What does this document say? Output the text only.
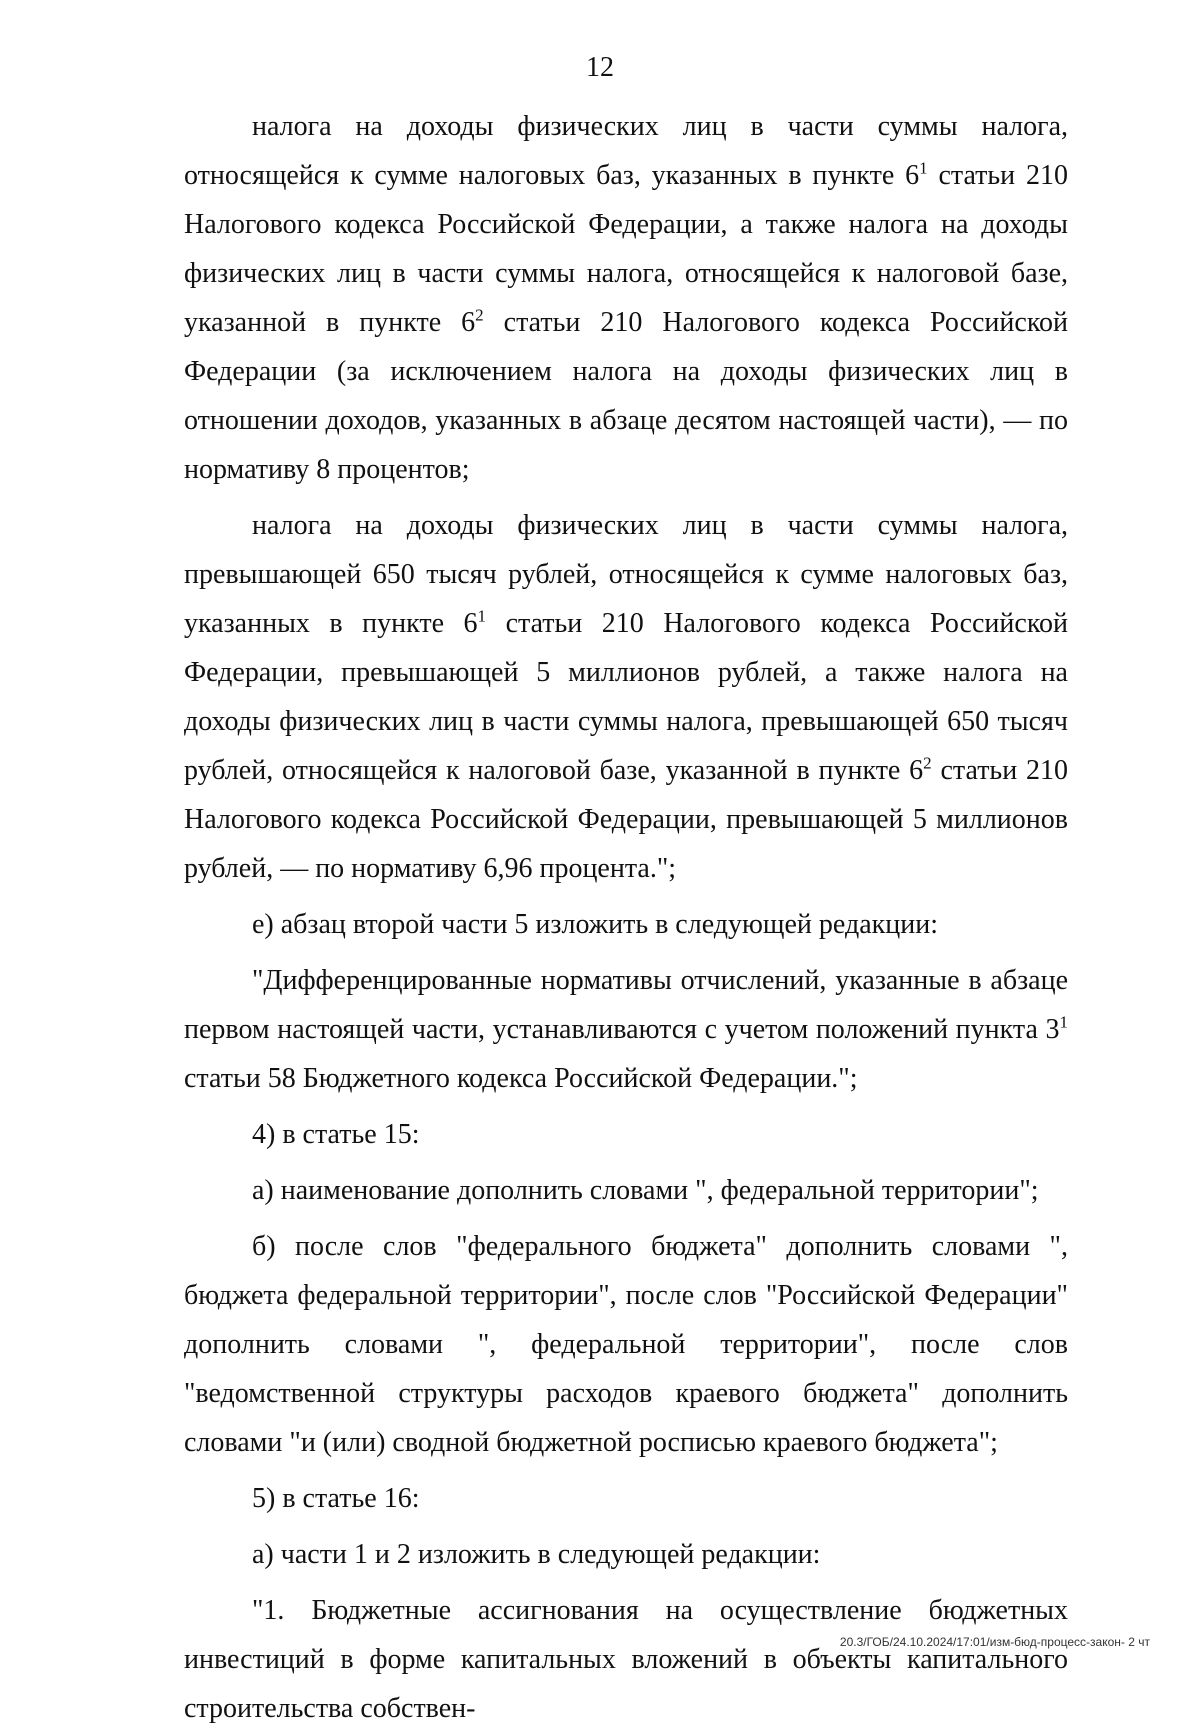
12

налога на доходы физических лиц в части суммы налога, относящейся к сумме налоговых баз, указанных в пункте $6^1$ статьи 210 Налогового кодекса Российской Федерации, а также налога на доходы физических лиц в части суммы налога, относящейся к налоговой базе, указанной в пункте $6^2$ статьи 210 Налогового кодекса Российской Федерации (за исключением налога на доходы физических лиц в отношении доходов, указанных в абзаце десятом настоящей части), — по нормативу 8 процентов;

налога на доходы физических лиц в части суммы налога, превышающей 650 тысяч рублей, относящейся к сумме налоговых баз, указанных в пункте $6^1$ статьи 210 Налогового кодекса Российской Федерации, превышающей 5 миллионов рублей, а также налога на доходы физических лиц в части суммы налога, превышающей 650 тысяч рублей, относящейся к налоговой базе, указанной в пункте $6^2$ статьи 210 Налогового кодекса Российской Федерации, превышающей 5 миллионов рублей, — по нормативу 6,96 процента.";

е) абзац второй части 5 изложить в следующей редакции:

"Дифференцированные нормативы отчислений, указанные в абзаце первом настоящей части, устанавливаются с учетом положений пункта $3^1$ статьи 58 Бюджетного кодекса Российской Федерации.";

4) в статье 15:

а) наименование дополнить словами ", федеральной территории";

б) после слов "федерального бюджета" дополнить словами ", бюджета федеральной территории", после слов "Российской Федерации" дополнить словами ", федеральной территории", после слов "ведомственной структуры расходов краевого бюджета" дополнить словами "и (или) сводной бюджетной росписью краевого бюджета";

5) в статье 16:

а) части 1 и 2 изложить в следующей редакции:

"1. Бюджетные ассигнования на осуществление бюджетных инвестиций в форме капитальных вложений в объекты капитального строительства собствен-

20.3/ГОБ/24.10.2024/17:01/изм-бюд-процесс-закон- 2 чт
